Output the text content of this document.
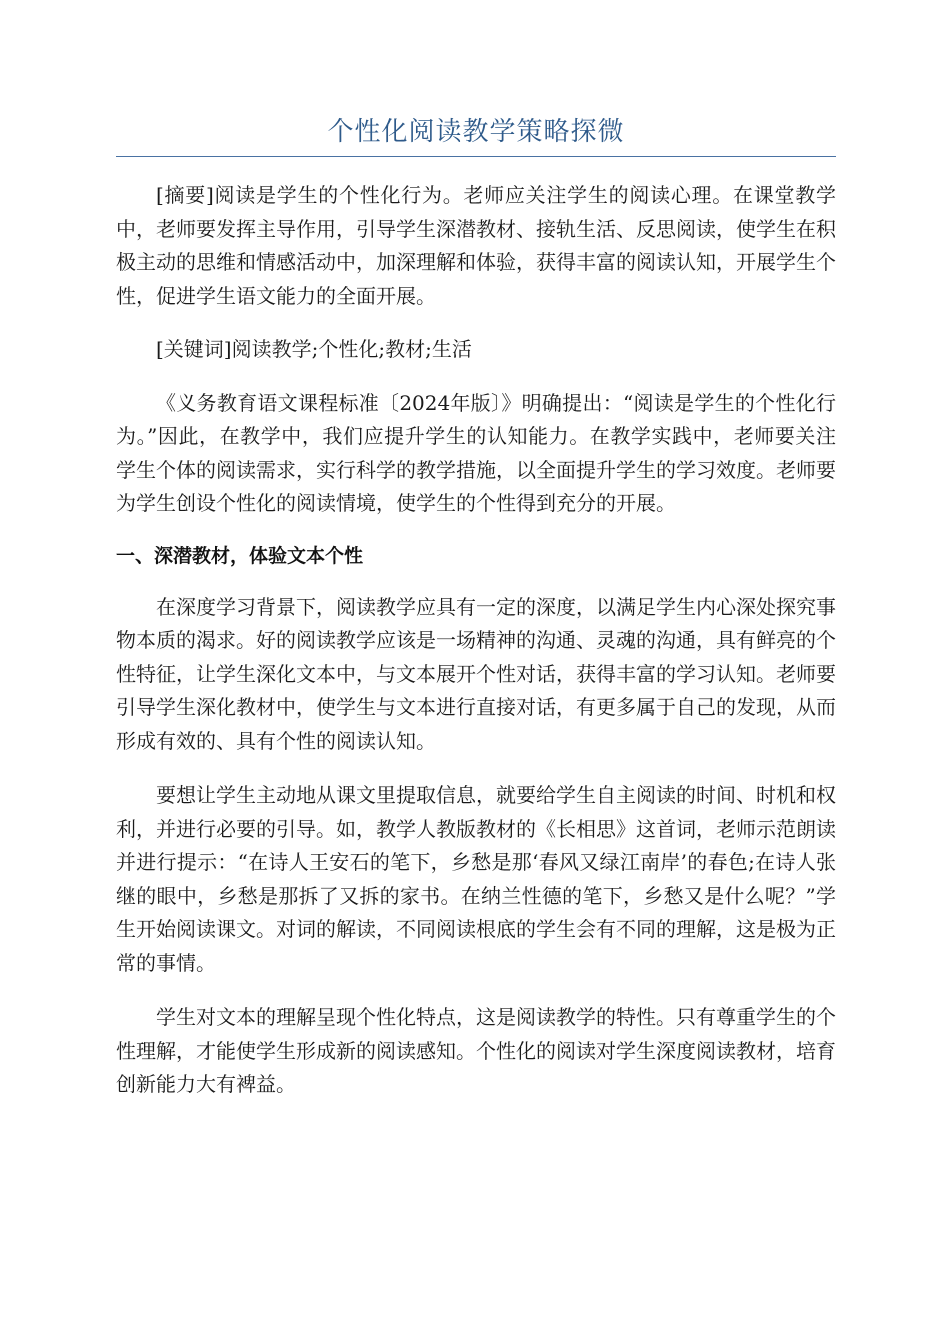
个性化阅读教学策略探微

[摘要]阅读是学生的个性化行为。老师应关注学生的阅读心理。在课堂教学中，老师要发挥主导作用，引导学生深潜教材、接轨生活、反思阅读，使学生在积极主动的思维和情感活动中，加深理解和体验，获得丰富的阅读认知，开展学生个性，促进学生语文能力的全面开展。

[关键词]阅读教学;个性化;教材;生活

《义务教育语文课程标准〔2024年版〕》明确提出：“阅读是学生的个性化行为。”因此，在教学中，我们应提升学生的认知能力。在教学实践中，老师要关注学生个体的阅读需求，实行科学的教学措施，以全面提升学生的学习效度。老师要为学生创设个性化的阅读情境，使学生的个性得到充分的开展。

一、深潜教材，体验文本个性

在深度学习背景下，阅读教学应具有一定的深度，以满足学生内心深处探究事物本质的渴求。好的阅读教学应该是一场精神的沟通、灵魂的沟通，具有鲜亮的个性特征，让学生深化文本中，与文本展开个性对话，获得丰富的学习认知。老师要引导学生深化教材中，使学生与文本进行直接对话，有更多属于自己的发现，从而形成有效的、具有个性的阅读认知。

要想让学生主动地从课文里提取信息，就要给学生自主阅读的时间、时机和权利，并进行必要的引导。如，教学人教版教材的《长相思》这首词，老师示范朗读并进行提示：“在诗人王安石的笔下，乡愁是那‘春风又绿江南岸’的春色;在诗人张继的眼中，乡愁是那拆了又拆的家书。在纳兰性德的笔下，乡愁又是什么呢？”学生开始阅读课文。对词的解读，不同阅读根底的学生会有不同的理解，这是极为正常的事情。

学生对文本的理解呈现个性化特点，这是阅读教学的特性。只有尊重学生的个性理解，才能使学生形成新的阅读感知。个性化的阅读对学生深度阅读教材，培育创新能力大有裨益。
